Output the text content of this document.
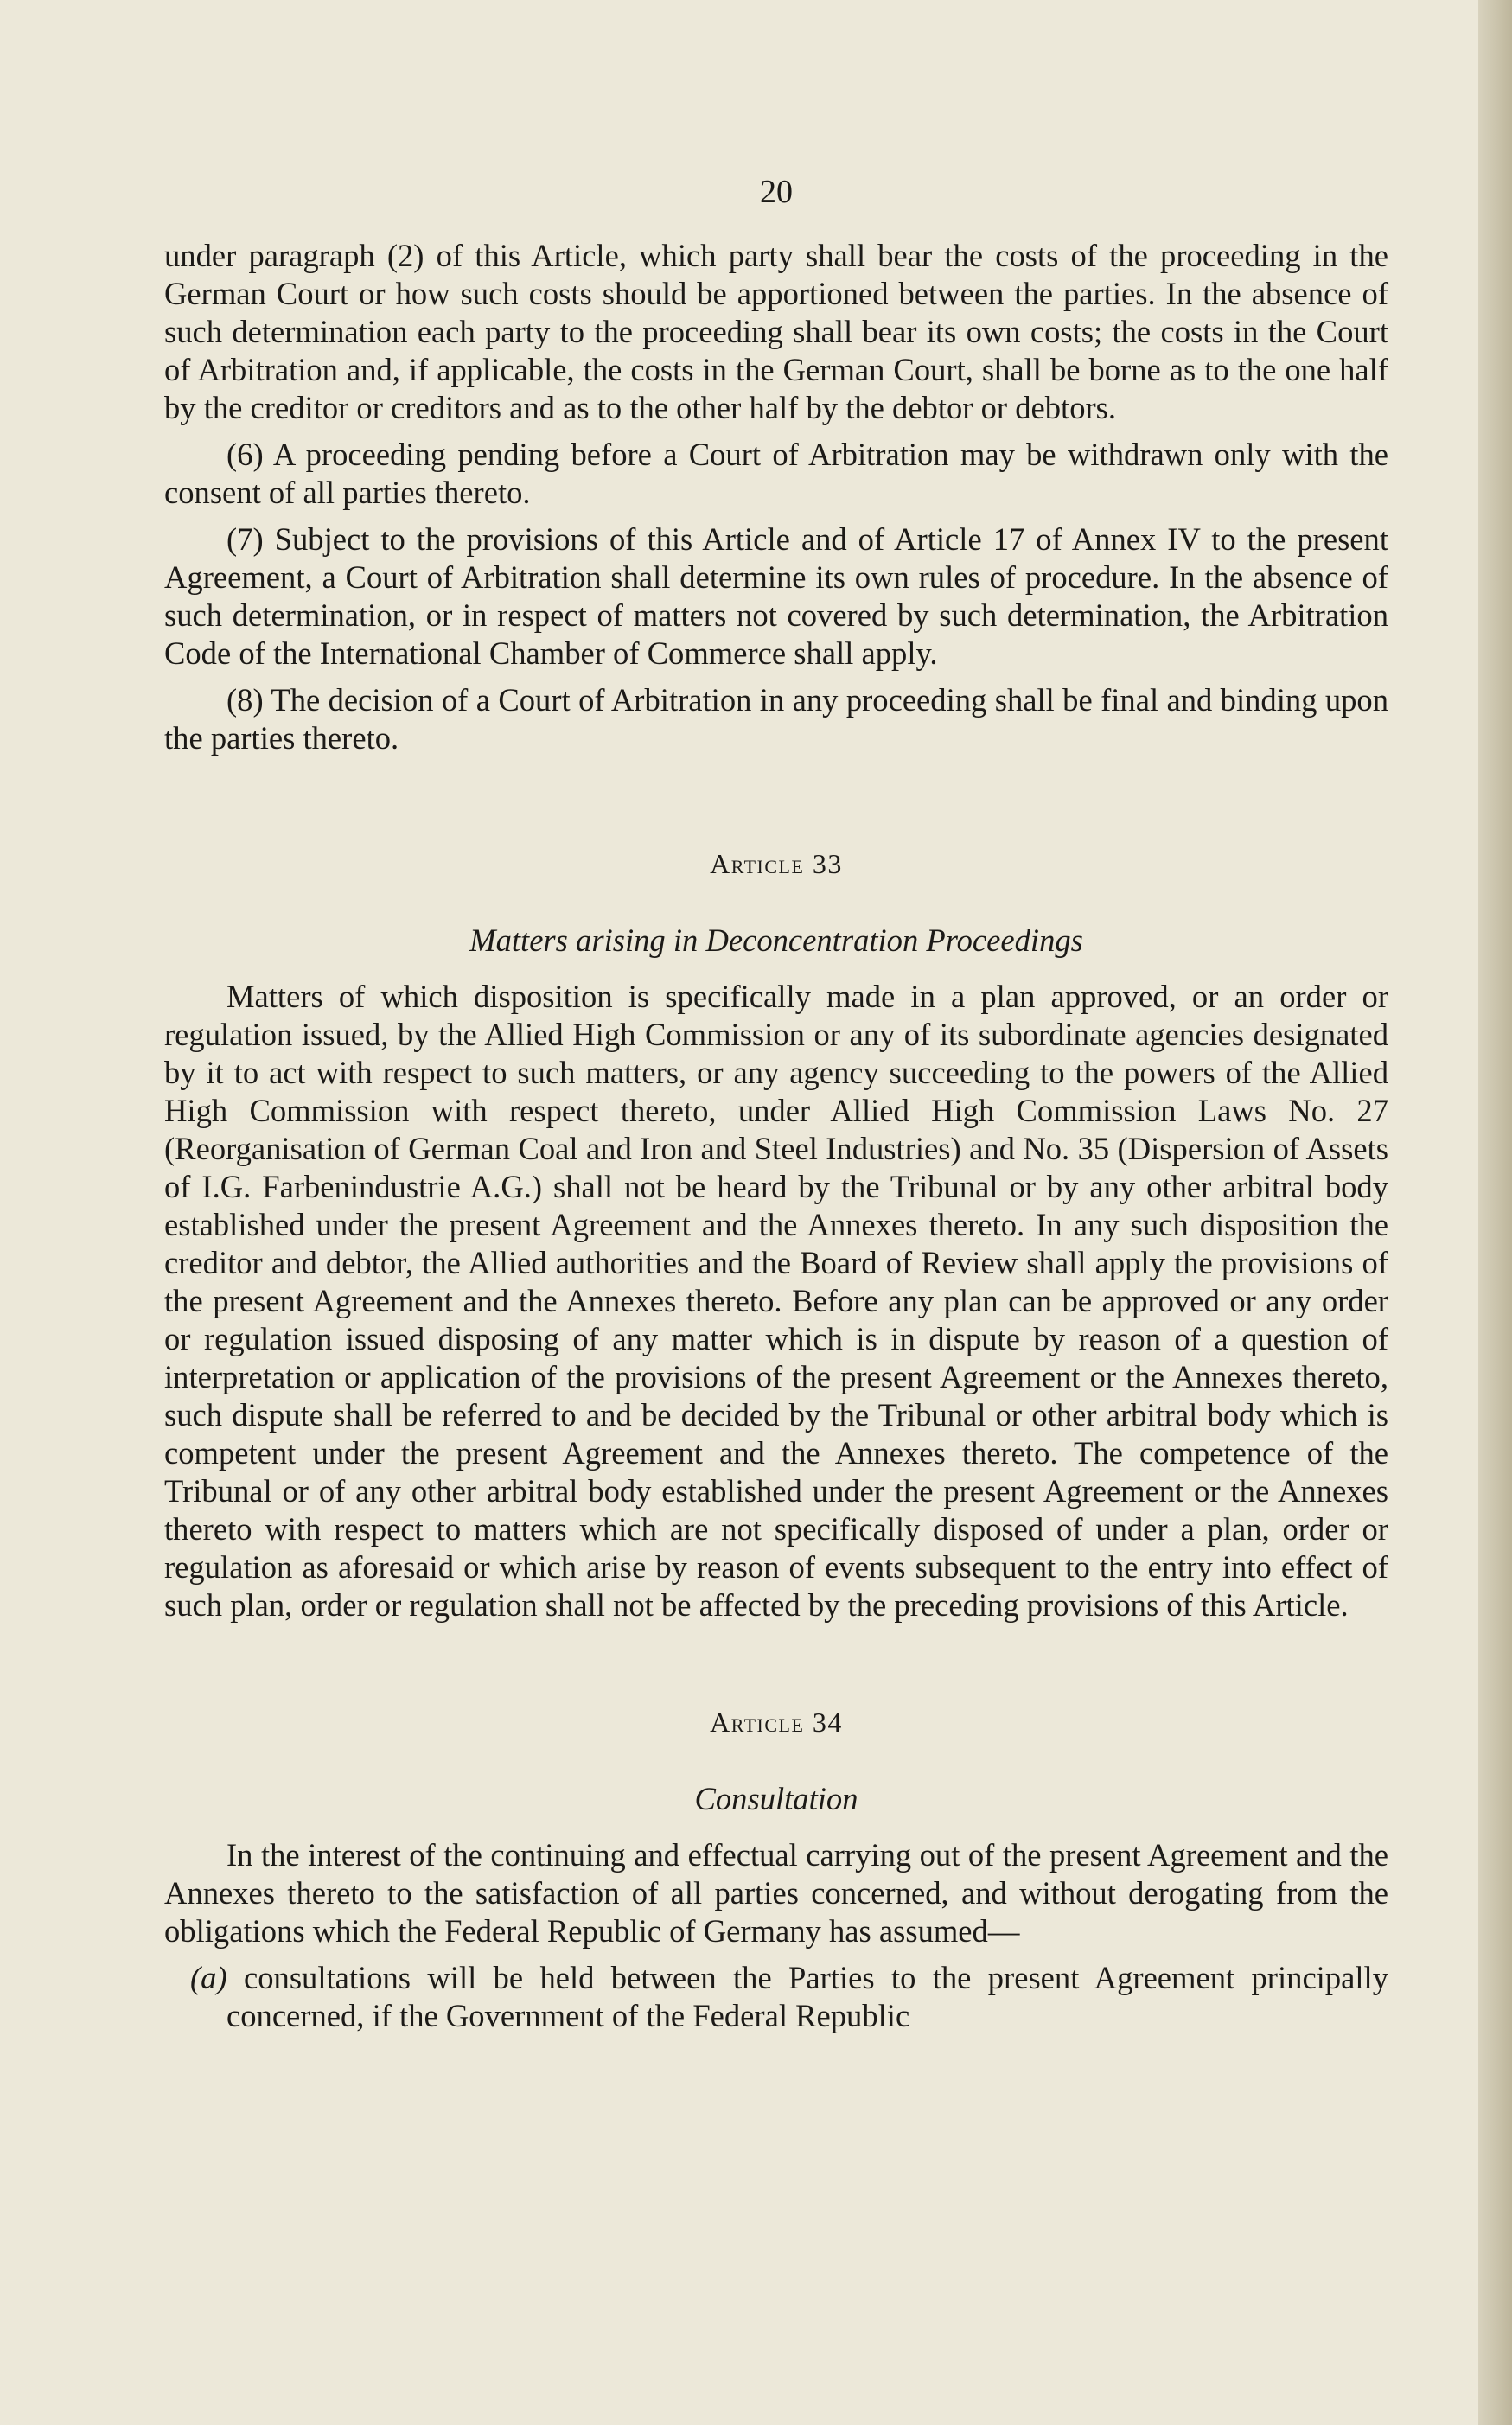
20

under paragraph (2) of this Article, which party shall bear the costs of the proceeding in the German Court or how such costs should be apportioned between the parties. In the absence of such determination each party to the proceeding shall bear its own costs; the costs in the Court of Arbitration and, if applicable, the costs in the German Court, shall be borne as to the one half by the creditor or creditors and as to the other half by the debtor or debtors.

(6) A proceeding pending before a Court of Arbitration may be withdrawn only with the consent of all parties thereto.

(7) Subject to the provisions of this Article and of Article 17 of Annex IV to the present Agreement, a Court of Arbitration shall determine its own rules of procedure. In the absence of such determination, or in respect of matters not covered by such determination, the Arbitration Code of the International Chamber of Commerce shall apply.

(8) The decision of a Court of Arbitration in any proceeding shall be final and binding upon the parties thereto.

Article 33
Matters arising in Deconcentration Proceedings

Matters of which disposition is specifically made in a plan approved, or an order or regulation issued, by the Allied High Commission or any of its subordinate agencies designated by it to act with respect to such matters, or any agency succeeding to the powers of the Allied High Commission with respect thereto, under Allied High Commission Laws No. 27 (Reorganisation of German Coal and Iron and Steel Industries) and No. 35 (Dispersion of Assets of I.G. Farbenindustrie A.G.) shall not be heard by the Tribunal or by any other arbitral body established under the present Agreement and the Annexes thereto. In any such disposition the creditor and debtor, the Allied authorities and the Board of Review shall apply the provisions of the present Agreement and the Annexes thereto. Before any plan can be approved or any order or regulation issued disposing of any matter which is in dispute by reason of a question of interpretation or application of the provisions of the present Agreement or the Annexes thereto, such dispute shall be referred to and be decided by the Tribunal or other arbitral body which is competent under the present Agreement and the Annexes thereto. The competence of the Tribunal or of any other arbitral body established under the present Agreement or the Annexes thereto with respect to matters which are not specifically disposed of under a plan, order or regulation as aforesaid or which arise by reason of events subsequent to the entry into effect of such plan, order or regulation shall not be affected by the preceding provisions of this Article.

Article 34
Consultation

In the interest of the continuing and effectual carrying out of the present Agreement and the Annexes thereto to the satisfaction of all parties concerned, and without derogating from the obligations which the Federal Republic of Germany has assumed—

(a) consultations will be held between the Parties to the present Agreement principally concerned, if the Government of the Federal Republic
